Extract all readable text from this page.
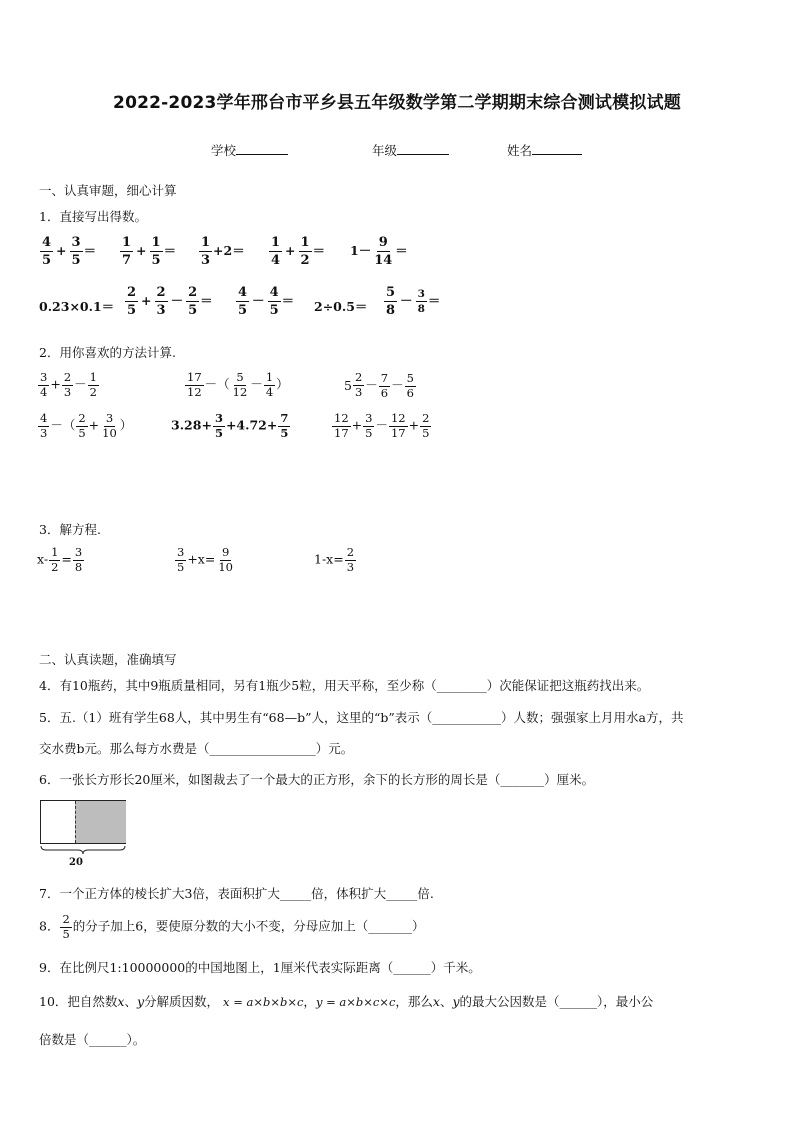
2022-2023学年邢台市平乡县五年级数学第二学期期末综合测试模拟试题
学校	年级	姓名
一、认真审题，细心计算
1．直接写出得数。
$\frac{4}{5} + \frac{3}{5} = \frac{1}{7} + \frac{1}{5} = \frac{1}{3} +2= \frac{1}{4} + \frac{1}{2} = 1- \frac{9}{14}$ ＝
$0.23\times 0.1= \frac{2}{5} + \frac{2}{3} - \frac{2}{5} = \frac{4}{5} - \frac{4}{5} = 2\div 0.5= \frac{5}{8} - \frac{3}{8}$ ＝
2．用你喜欢的方法计算.
$\frac{3}{4} + \frac{2}{3} - \frac{1}{2}$	$\frac{17}{12}$ －（ $\frac{5}{12} - \frac{1}{4}$ ）	$5 \frac{2}{3} - \frac{7}{6} - \frac{5}{6}$
$\frac{4}{3}$ －（ $\frac{2}{5} + \frac{3}{10}$ ）	$3.28+ \frac{3}{5} +4.72+ \frac{7}{5}$	$\frac{12}{17} + \frac{3}{5} - \frac{12}{17} + \frac{2}{5}$
3．解方程.
$x- \frac{1}{2} = \frac{3}{8}$	$\frac{3}{5} +x= \frac{9}{10}$	$1-x= \frac{2}{3}$
二、认真读题，准确填写
4．有10瓶药，其中9瓶质量相同，另有1瓶少5粒，用天平称，至少称（________）次能保证把这瓶药找出来。
5．五.（1）班有学生68人，其中男生有“68—b”人，这里的“b”表示（___________）人数；强强家上月用水a方，共
交水费b元。那么每方水费是（_________________）元。
6．一张长方形长20厘米，如图裁去了一个最大的正方形，余下的长方形的周长是（_______）厘米。
20
7．一个正方体的棱长扩大3倍，表面积扩大_____倍，体积扩大_____倍.
8． $\frac{2}{5}$ 的分子加上6，要使原分数的大小不变，分母应加上（_______）
9．在比例尺1:10000000的中国地图上，1厘米代表实际距离（______）千米。
10．把自然数x、y分解质因数， x = a×b×b×c，y = a×b×c×c，那么x、y的最大公因数是（______），最小公
倍数是（______）。
